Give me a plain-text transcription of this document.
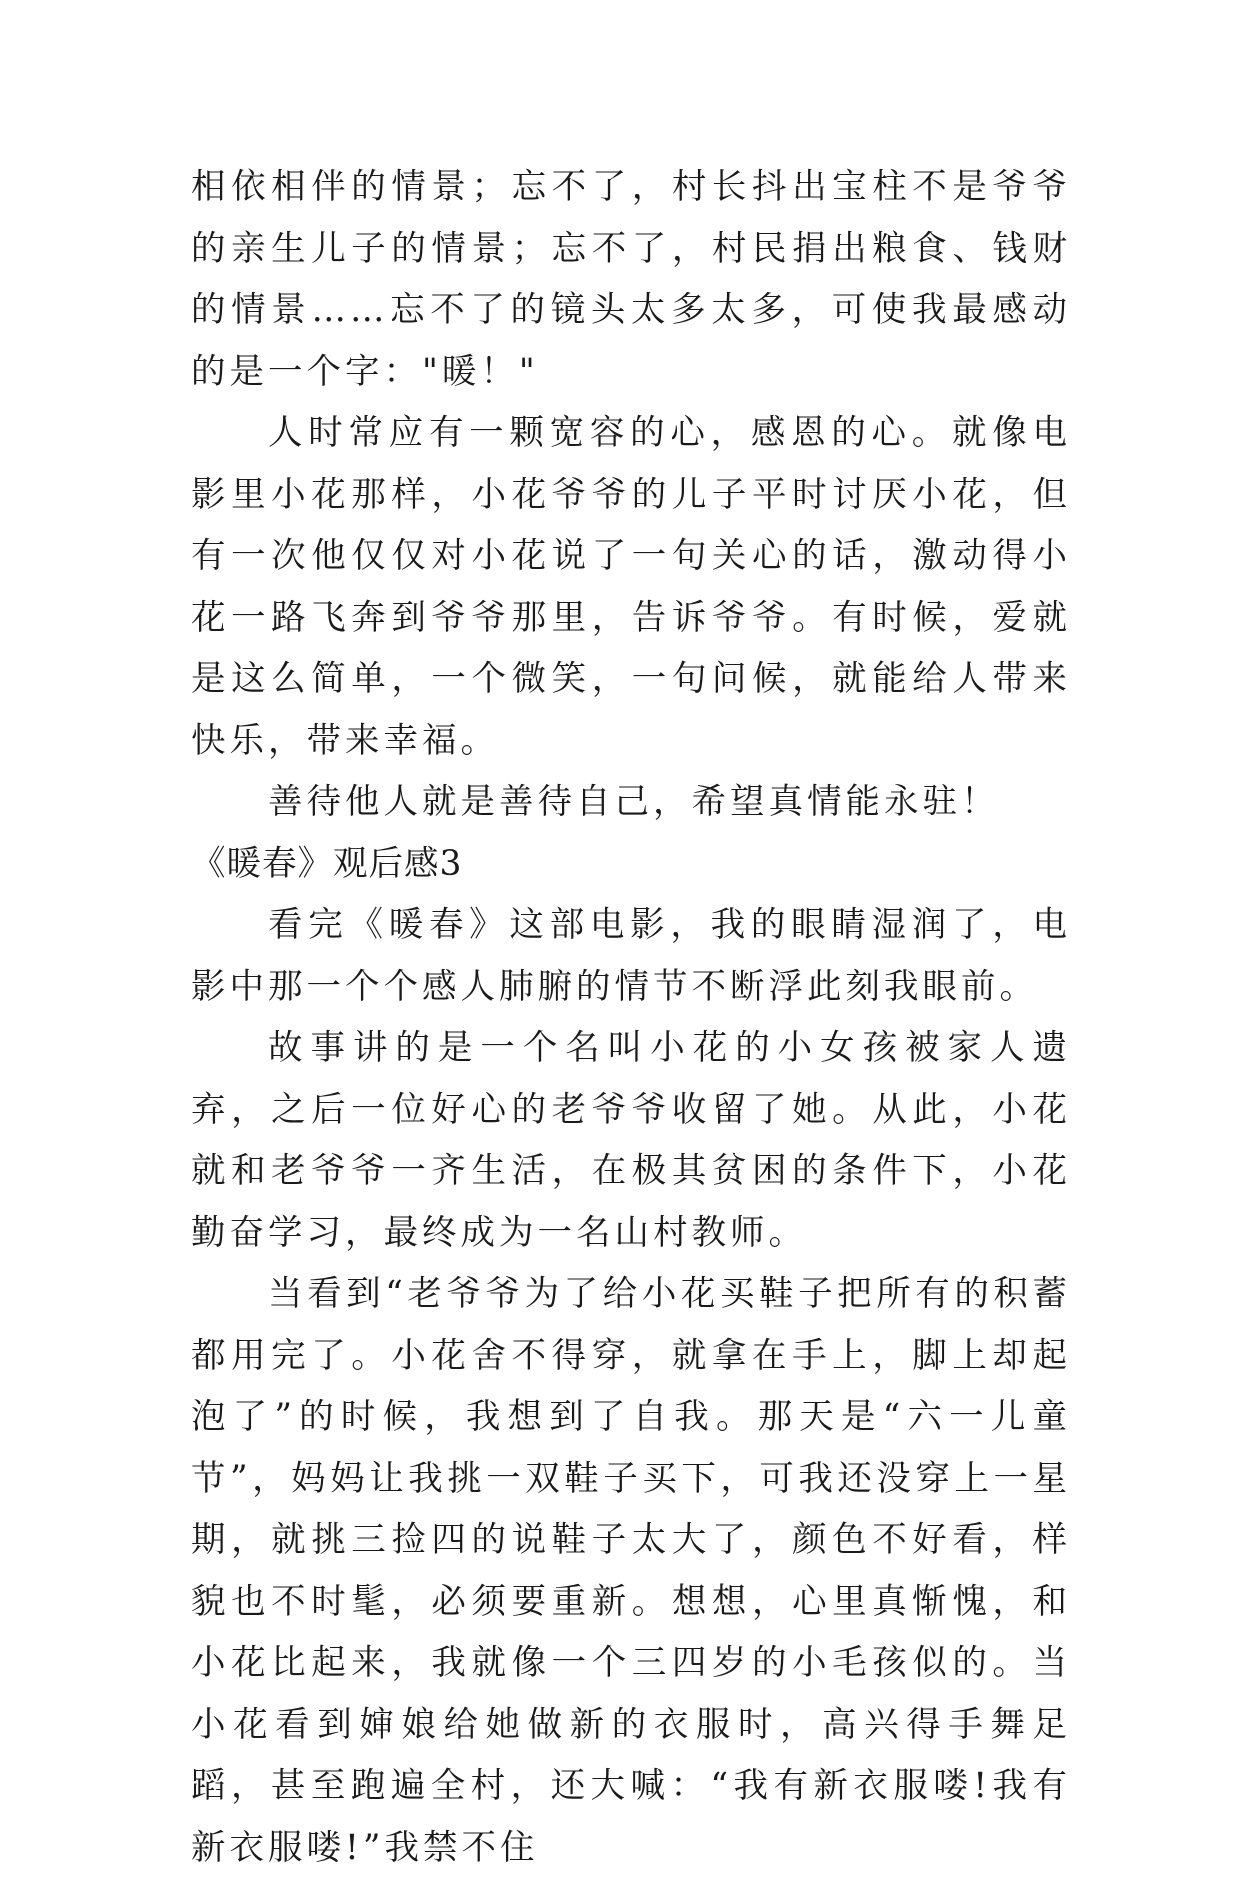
相依相伴的情景；忘不了，村长抖出宝柱不是爷爷的亲生儿子的情景；忘不了，村民捐出粮食、钱财的情景……忘不了的镜头太多太多，可使我最感动的是一个字："暖！"

人时常应有一颗宽容的心，感恩的心。就像电影里小花那样，小花爷爷的儿子平时讨厌小花，但有一次他仅仅对小花说了一句关心的话，激动得小花一路飞奔到爷爷那里，告诉爷爷。有时候，爱就是这么简单，一个微笑，一句问候，就能给人带来快乐，带来幸福。

善待他人就是善待自己，希望真情能永驻！

《暖春》观后感3

看完《暖春》这部电影，我的眼睛湿润了，电影中那一个个感人肺腑的情节不断浮此刻我眼前。

故事讲的是一个名叫小花的小女孩被家人遗弃，之后一位好心的老爷爷收留了她。从此，小花就和老爷爷一齐生活，在极其贫困的条件下，小花勤奋学习，最终成为一名山村教师。

当看到“老爷爷为了给小花买鞋子把所有的积蓄都用完了。小花舍不得穿，就拿在手上，脚上却起泡了”的时候，我想到了自我。那天是“六一儿童节”，妈妈让我挑一双鞋子买下，可我还没穿上一星期，就挑三捡四的说鞋子太大了，颜色不好看，样貌也不时髦，必须要重新。想想，心里真惭愧，和小花比起来，我就像一个三四岁的小毛孩似的。当小花看到婶娘给她做新的衣服时，高兴得手舞足蹈，甚至跑遍全村，还大喊：“我有新衣服喽!我有新衣服喽!”我禁不住
